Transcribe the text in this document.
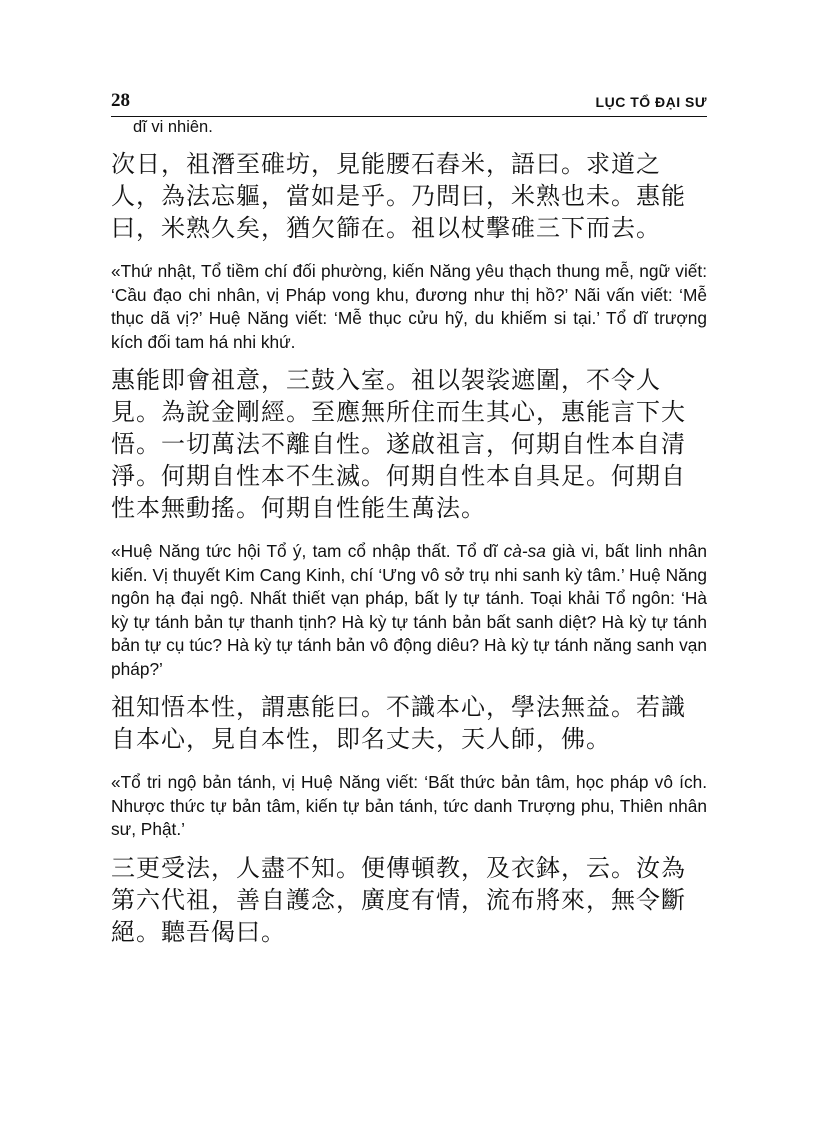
28	LỤC TỔ ĐẠI SƯ

dĩ vi nhiên.

次日，祖潛至碓坊，見能腰石舂米，語曰。求道之人，為法忘軀，當如是乎。乃問曰，米熟也未。惠能曰，米熟久矣，猶欠篩在。祖以杖擊碓三下而去。

«Thứ nhật, Tổ tiềm chí đối phường, kiến Năng yêu thạch thung mễ, ngữ viết: ‘Cầu đạo chi nhân, vị Pháp vong khu, đương như thị hồ?’ Nãi vấn viết: ‘Mễ thục dã vị?’ Huệ Năng viết: ‘Mễ thục cửu hỹ, du khiếm si tại.’ Tổ dĩ trượng kích đối tam há nhi khứ.

惠能即會祖意，三鼓入室。祖以袈裟遮圍，不令人見。為說金剛經。至應無所住而生其心，惠能言下大悟。一切萬法不離自性。遂啟祖言，何期自性本自清淨。何期自性本不生滅。何期自性本自具足。何期自性本無動搖。何期自性能生萬法。

«Huệ Năng tức hội Tổ ý, tam cổ nhập thất. Tổ dĩ cà-sa già vi, bất linh nhân kiến. Vị thuyết Kim Cang Kinh, chí ‘Ưng vô sở trụ nhi sanh kỳ tâm.’ Huệ Năng ngôn hạ đại ngộ. Nhất thiết vạn pháp, bất ly tự tánh. Toại khải Tổ ngôn: ‘Hà kỳ tự tánh bản tự thanh tịnh? Hà kỳ tự tánh bản bất sanh diệt? Hà kỳ tự tánh bản tự cụ túc? Hà kỳ tự tánh bản vô động diêu? Hà kỳ tự tánh năng sanh vạn pháp?’

祖知悟本性，謂惠能曰。不識本心，學法無益。若識自本心，見自本性，即名丈夫，天人師，佛。

«Tổ tri ngộ bản tánh, vị Huệ Năng viết: ‘Bất thức bản tâm, học pháp vô ích. Nhược thức tự bản tâm, kiến tự bản tánh, tức danh Trượng phu, Thiên nhân sư, Phật.’

三更受法，人盡不知。便傳頓教，及衣鉢，云。汝為第六代祖，善自護念，廣度有情，流布將來，無令斷絕。聽吾偈曰。
